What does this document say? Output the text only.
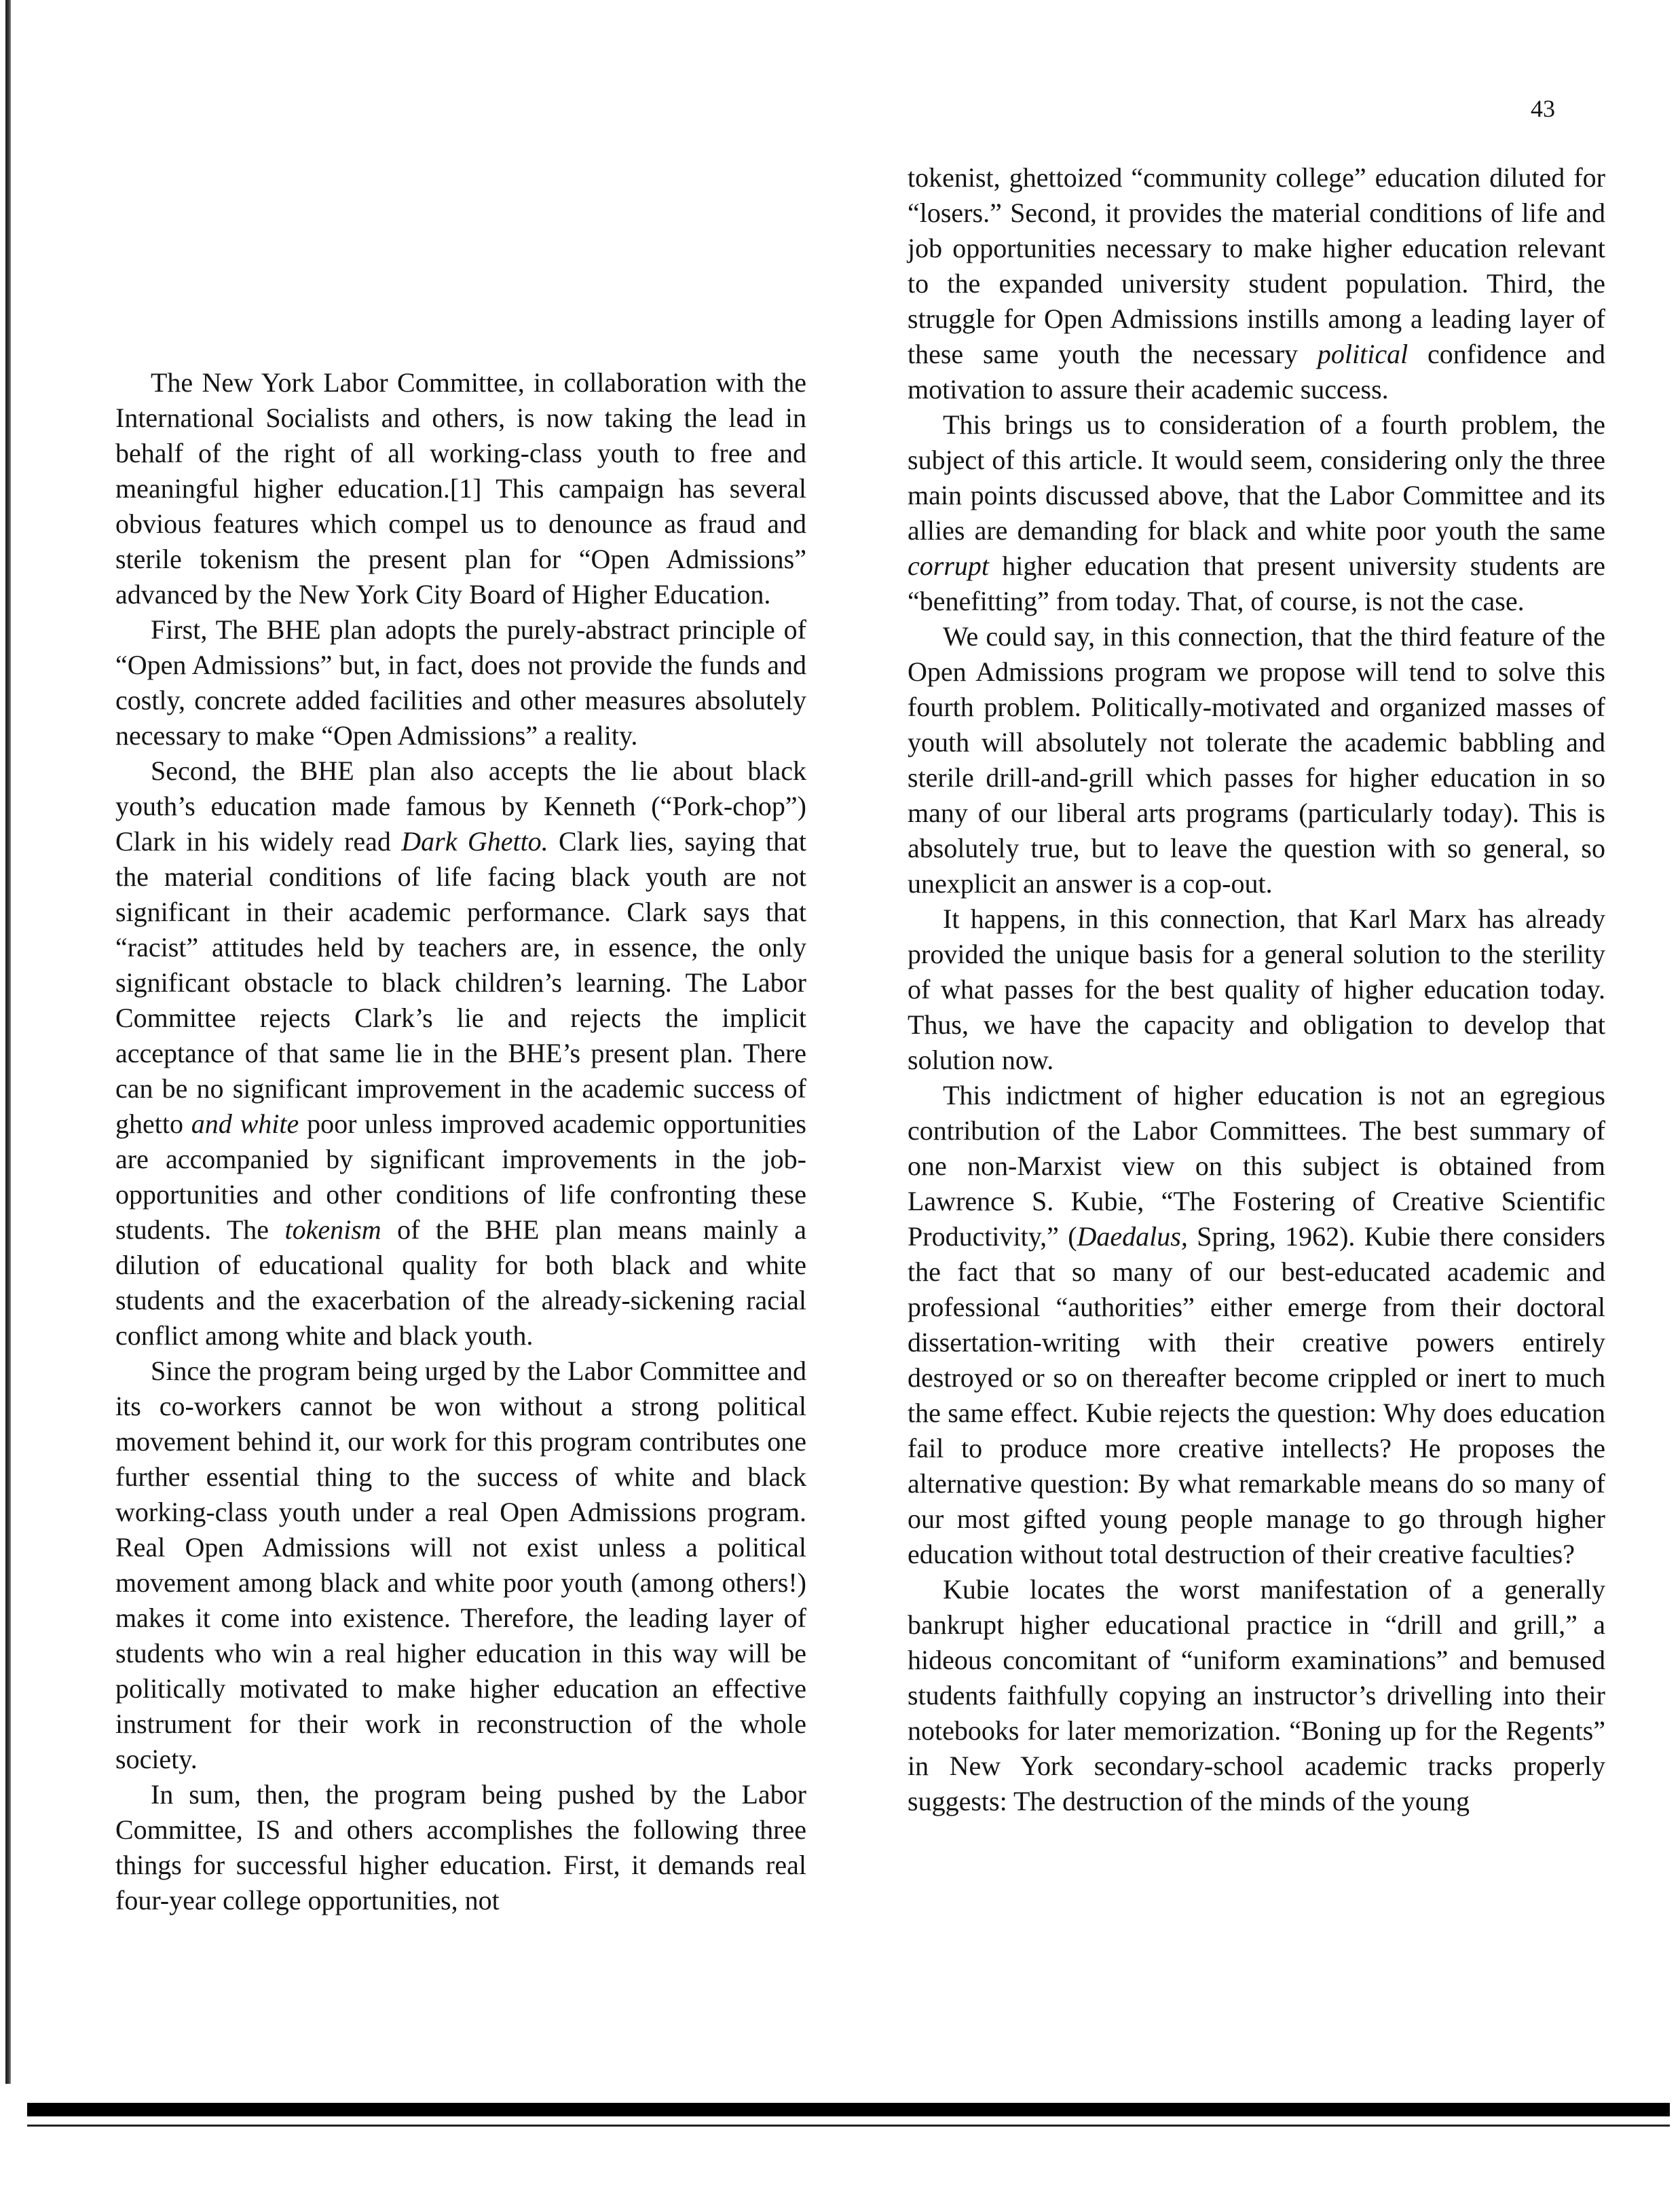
43

The New York Labor Committee, in collaboration with the International Socialists and others, is now taking the lead in behalf of the right of all working-class youth to free and meaningful higher education.[1] This campaign has several obvious features which compel us to denounce as fraud and sterile tokenism the present plan for “Open Admissions” advanced by the New York City Board of Higher Education.

First, The BHE plan adopts the purely-abstract principle of “Open Admissions” but, in fact, does not provide the funds and costly, concrete added facilities and other measures absolutely necessary to make “Open Admissions” a reality.

Second, the BHE plan also accepts the lie about black youth’s education made famous by Kenneth (“Pork-chop”) Clark in his widely read Dark Ghetto. Clark lies, saying that the material conditions of life facing black youth are not significant in their academic performance. Clark says that “racist” attitudes held by teachers are, in essence, the only significant obstacle to black children’s learning. The Labor Committee rejects Clark’s lie and rejects the implicit acceptance of that same lie in the BHE’s present plan. There can be no significant improvement in the academic success of ghetto and white poor unless improved academic opportunities are accompanied by significant improvements in the job-opportunities and other conditions of life confronting these students. The tokenism of the BHE plan means mainly a dilution of educational quality for both black and white students and the exacerbation of the already-sickening racial conflict among white and black youth.

Since the program being urged by the Labor Committee and its co-workers cannot be won without a strong political movement behind it, our work for this program contributes one further essential thing to the success of white and black working-class youth under a real Open Admissions program. Real Open Admissions will not exist unless a political movement among black and white poor youth (among others!) makes it come into existence. Therefore, the leading layer of students who win a real higher education in this way will be politically motivated to make higher education an effective instrument for their work in reconstruction of the whole society.

In sum, then, the program being pushed by the Labor Committee, IS and others accomplishes the following three things for successful higher education. First, it demands real four-year college opportunities, not

tokenist, ghettoized “community college” education diluted for “losers.” Second, it provides the material conditions of life and job opportunities necessary to make higher education relevant to the expanded university student population. Third, the struggle for Open Admissions instills among a leading layer of these same youth the necessary political confidence and motivation to assure their academic success.

This brings us to consideration of a fourth problem, the subject of this article. It would seem, considering only the three main points discussed above, that the Labor Committee and its allies are demanding for black and white poor youth the same corrupt higher education that present university students are “benefitting” from today. That, of course, is not the case.

We could say, in this connection, that the third feature of the Open Admissions program we propose will tend to solve this fourth problem. Politically-motivated and organized masses of youth will absolutely not tolerate the academic babbling and sterile drill-and-grill which passes for higher education in so many of our liberal arts programs (particularly today). This is absolutely true, but to leave the question with so general, so unexplicit an answer is a cop-out.

It happens, in this connection, that Karl Marx has already provided the unique basis for a general solution to the sterility of what passes for the best quality of higher education today. Thus, we have the capacity and obligation to develop that solution now.

This indictment of higher education is not an egregious contribution of the Labor Committees. The best summary of one non-Marxist view on this subject is obtained from Lawrence S. Kubie, “The Fostering of Creative Scientific Productivity,” (Daedalus, Spring, 1962). Kubie there considers the fact that so many of our best-educated academic and professional “authorities” either emerge from their doctoral dissertation-writing with their creative powers entirely destroyed or so on thereafter become crippled or inert to much the same effect. Kubie rejects the question: Why does education fail to produce more creative intellects? He proposes the alternative question: By what remarkable means do so many of our most gifted young people manage to go through higher education without total destruction of their creative faculties?

Kubie locates the worst manifestation of a generally bankrupt higher educational practice in “drill and grill,” a hideous concomitant of “uniform examinations” and bemused students faithfully copying an instructor’s drivelling into their notebooks for later memorization. “Boning up for the Regents” in New York secondary-school academic tracks properly suggests: The destruction of the minds of the young
